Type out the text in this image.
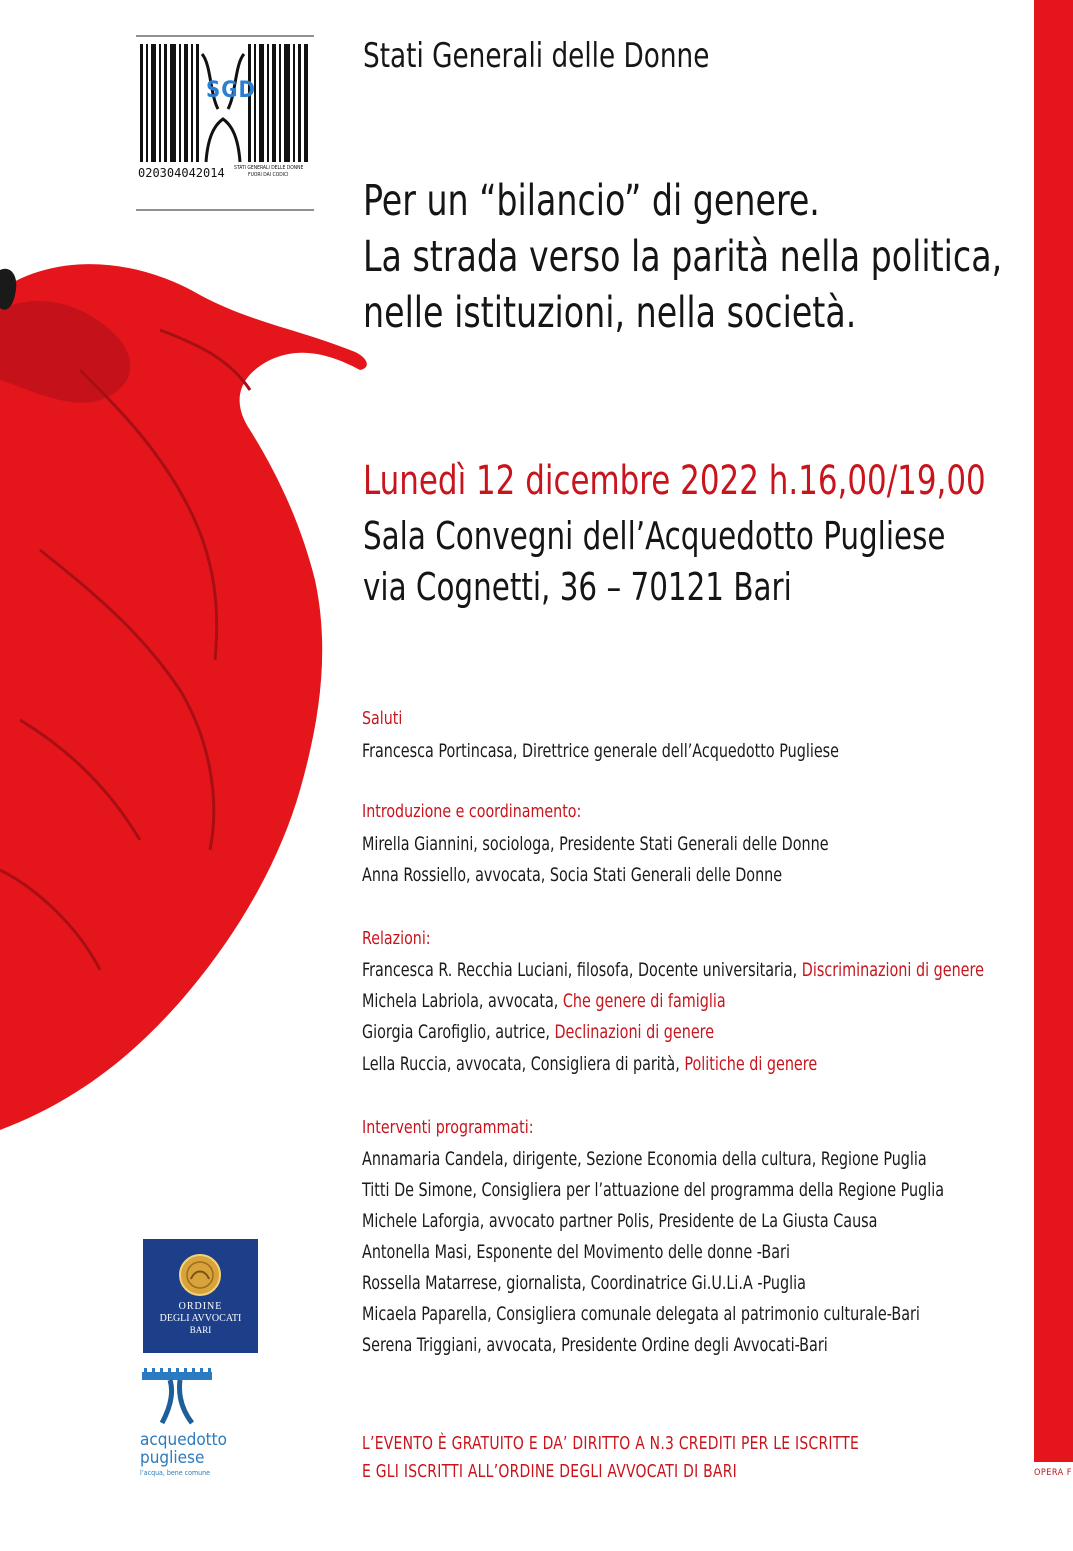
SGD
020304042014 STATI GENERALI DELLE DONNE
FUORI DAI CODICI
Stati Generali delle Donne
Per un “bilancio” di genere.
La strada verso la parità nella politica,
nelle istituzioni, nella società.
Lunedì 12 dicembre 2022 h.16,00/19,00
Sala Convegni dell’Acquedotto Pugliese
via Cognetti, 36 – 70121 Bari
Saluti
Francesca Portincasa, Direttrice generale dell’Acquedotto Pugliese
Introduzione e coordinamento:
Mirella Giannini, sociologa, Presidente Stati Generali delle Donne
Anna Rossiello, avvocata, Socia Stati Generali delle Donne
Relazioni:
Francesca R. Recchia Luciani, filosofa, Docente universitaria, Discriminazioni di genere
Michela Labriola, avvocata, Che genere di famiglia
Giorgia Carofiglio, autrice, Declinazioni di genere
Lella Ruccia, avvocata, Consigliera di parità, Politiche di genere
Interventi programmati:
Annamaria Candela, dirigente, Sezione Economia della cultura, Regione Puglia
Titti De Simone, Consigliera per l’attuazione del programma della Regione Puglia
Michele Laforgia, avvocato partner Polis, Presidente de La Giusta Causa
Antonella Masi, Esponente del Movimento delle donne -Bari
Rossella Matarrese, giornalista, Coordinatrice Gi.U.Li.A -Puglia
Micaela Paparella, Consigliera comunale delegata al patrimonio culturale-Bari
Serena Triggiani, avvocata, Presidente Ordine degli Avvocati-Bari
L’EVENTO È GRATUITO E DA’ DIRITTO A N.3 CREDITI PER LE ISCRITTE
E GLI ISCRITTI ALL’ORDINE DEGLI AVVOCATI DI BARI
ORDINE
DEGLI AVVOCATI
BARI
acquedotto
pugliese
l’acqua, bene comune	OPERA F
